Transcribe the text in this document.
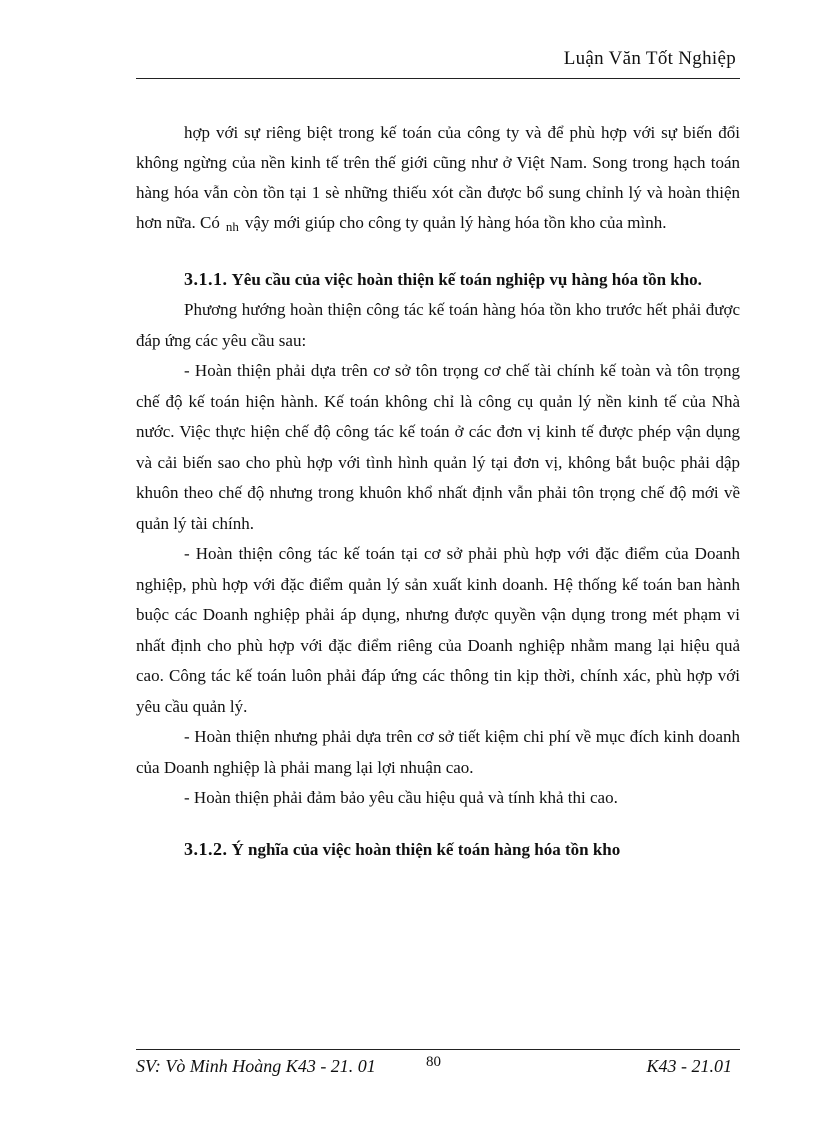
Luận Văn Tốt Nghiệp

hợp với sự riêng biệt trong kế toán của công ty và để phù hợp với sự biến đổi không ngừng của nền kinh tế trên thế giới cũng như ở Việt Nam. Song trong hạch toán hàng hóa vẫn còn tồn tại 1 sè những thiếu xót cần được bổ sung chỉnh lý và hoàn thiện hơn nữa. Có $_{nh}$ vậy mới giúp cho công ty quản lý hàng hóa tồn kho của mình.

3.1.1. Yêu cầu của việc hoàn thiện kế toán nghiệp vụ hàng hóa tồn kho.

Phương hướng hoàn thiện công tác kế toán hàng hóa tồn kho trước hết phải được đáp ứng các yêu cầu sau:

- Hoàn thiện phải dựa trên cơ sở tôn trọng cơ chế tài chính kế toàn và tôn trọng chế độ kế toán hiện hành. Kế toán không chỉ là công cụ quản lý nền kinh tế của Nhà nước. Việc thực hiện chế độ công tác kế toán ở các đơn vị kinh tế được phép vận dụng và cải biến sao cho phù hợp với tình hình quản lý tại đơn vị, không bắt buộc phải dập khuôn theo chế độ nhưng trong khuôn khổ nhất định vẫn phải tôn trọng chế độ mới về quản lý tài chính.

- Hoàn thiện công tác kế toán tại cơ sở phải phù hợp với đặc điểm của Doanh nghiệp, phù hợp với đặc điểm quản lý sản xuất kinh doanh. Hệ thống kế toán ban hành buộc các Doanh nghiệp phải áp dụng, nhưng được quyền vận dụng trong mét phạm vi nhất định cho phù hợp với đặc điểm riêng của Doanh nghiệp nhằm mang lại hiệu quả cao. Công tác kế toán luôn phải đáp ứng các thông tin kịp thời, chính xác, phù hợp với yêu cầu quản lý.

- Hoàn thiện nhưng phải dựa trên cơ sở tiết kiệm chi phí về mục đích kinh doanh của Doanh nghiệp là phải mang lại lợi nhuận cao.

- Hoàn thiện phải đảm bảo yêu cầu hiệu quả và tính khả thi cao.

3.1.2. Ý nghĩa của việc hoàn thiện kế toán hàng hóa tồn kho
SV: Vò Minh Hoàng K43 - 21. 01	80	K43 - 21.01
